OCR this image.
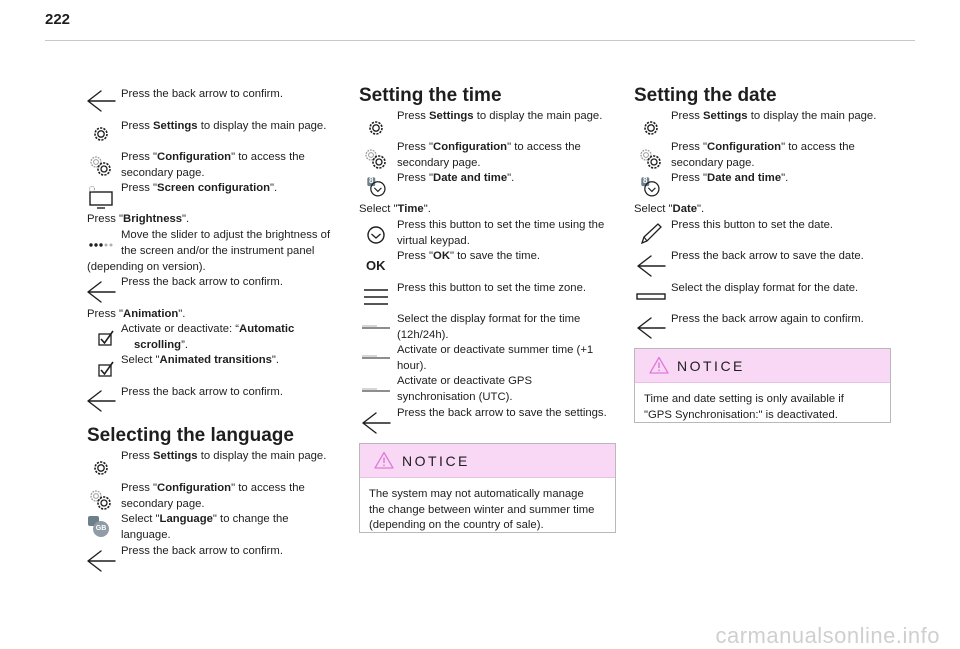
222
Press the back arrow to confirm.
Press Settings to display the main page.
Press "Configuration" to access the
secondary page.
Press "Screen configuration".
Press "Brightness".
Move the slider to adjust the brightness of
the screen and/or the instrument panel
(depending on version).
Press the back arrow to confirm.
Press "Animation".
Activate or deactivate: “Automatic
scrolling”.
Select "Animated transitions".
Press the back arrow to confirm.
Selecting the language
Press Settings to display the main page.
Press "Configuration" to access the
secondary page.
GB
Select "Language" to change the
language.
Press the back arrow to confirm.
Setting the time
Press Settings to display the main page.
Press "Configuration" to access the
secondary page.
8 Press "Date and time".
Select "Time".
Press this button to set the time using the
virtual keypad.
OK
Press "OK" to save the time.
Press this button to set the time zone.
Select the display format for the time
(12h/24h).
Activate or deactivate summer time (+1
hour).
Activate or deactivate GPS
synchronisation (UTC).
Press the back arrow to save the settings.
NOTICE
The system may not automatically manage
the change between winter and summer time
(depending on the country of sale).
Setting the date
Press Settings to display the main page.
Press "Configuration" to access the
secondary page.
8 Press "Date and time".
Select "Date".
Press this button to set the date.
Press the back arrow to save the date.
Select the display format for the date.
Press the back arrow again to confirm.
NOTICE
Time and date setting is only available if
"GPS Synchronisation:" is deactivated.
carmanualsonline.info
